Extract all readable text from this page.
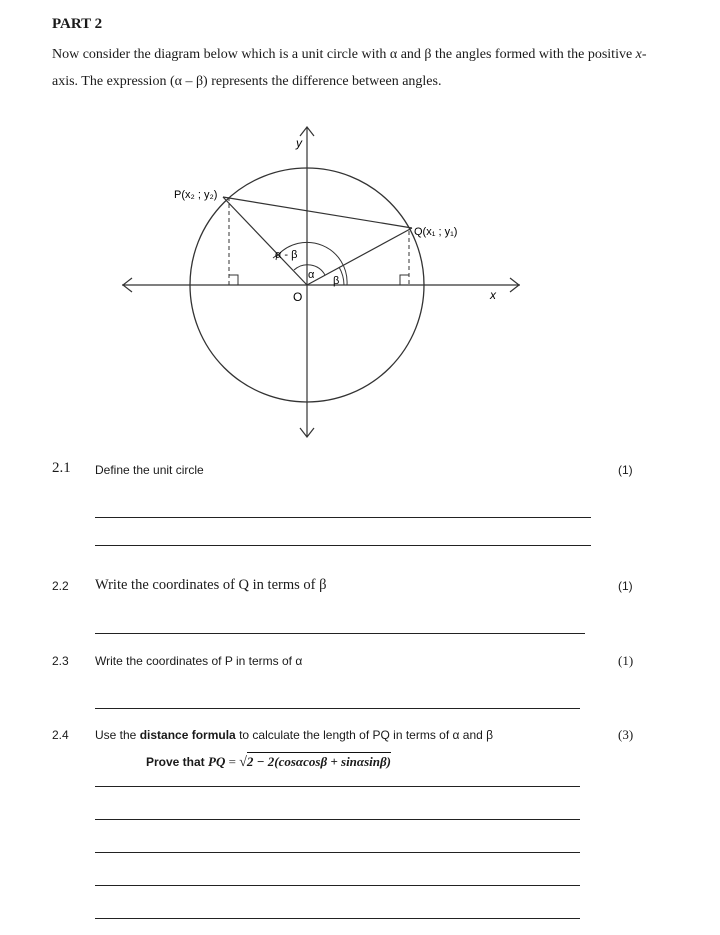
PART 2
Now consider the diagram below which is a unit circle with α and β the angles formed with the positive x-
axis. The expression (α – β) represents the difference between angles.
y
x
O
P(x₂ ; y₂)
Q(x₁ ; y₁)
α - β
α β
2.1 Define the unit circle	(1)
2.2 Write the coordinates of Q in terms of β	(1)
2.3 Write the coordinates of P in terms of α	(1)
2.4 Use the distance formula to calculate the length of PQ in terms of α and β	(3)
Prove that PQ = √2 − 2(cosαcosβ + sinαsinβ)
